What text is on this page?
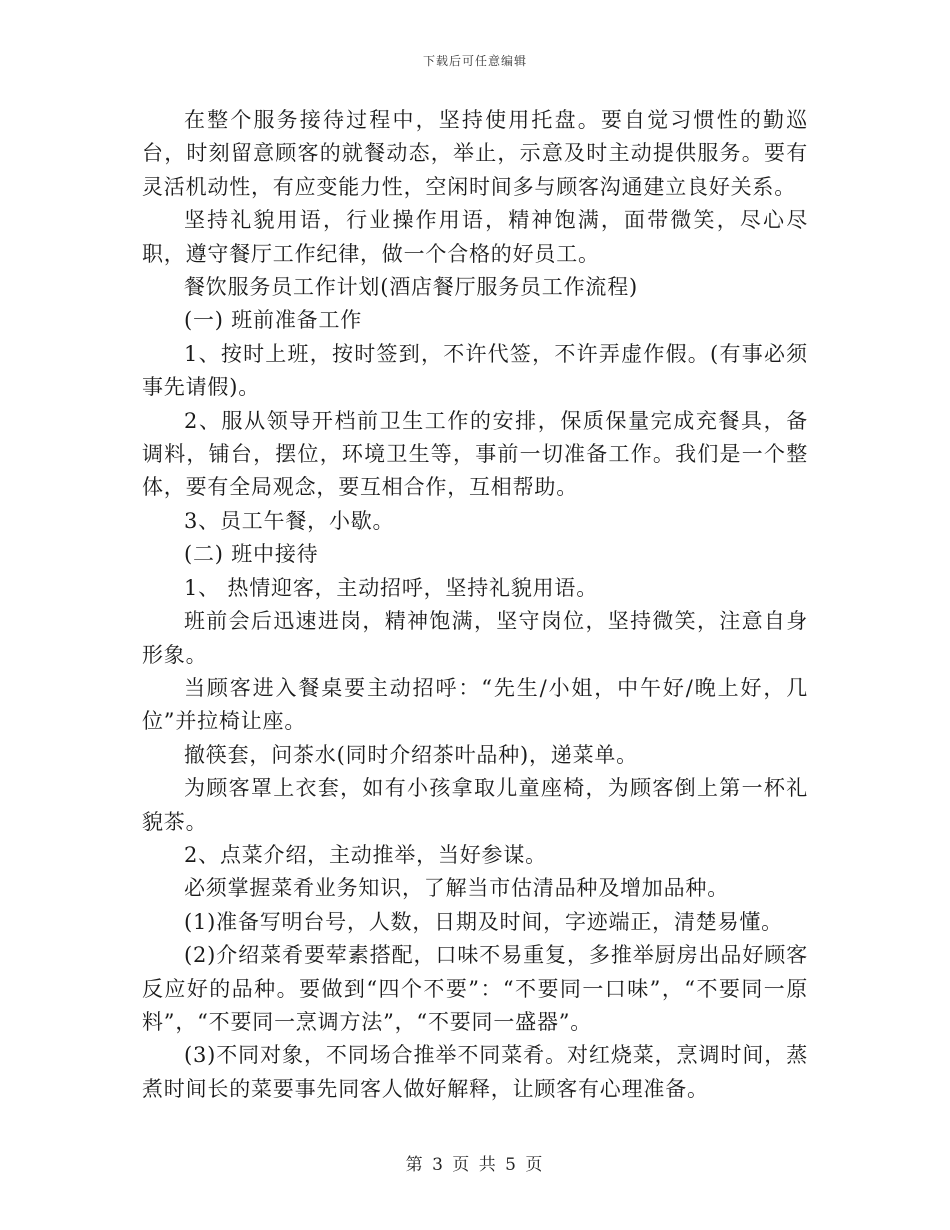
下载后可任意编辑

在整个服务接待过程中，坚持使用托盘。要自觉习惯性的勤巡台，时刻留意顾客的就餐动态，举止，示意及时主动提供服务。要有灵活机动性，有应变能力性，空闲时间多与顾客沟通建立良好关系。

坚持礼貌用语，行业操作用语，精神饱满，面带微笑，尽心尽职，遵守餐厅工作纪律，做一个合格的好员工。

餐饮服务员工作计划(酒店餐厅服务员工作流程)

(一) 班前准备工作

1、按时上班，按时签到，不许代签，不许弄虚作假。(有事必须事先请假)。

2、服从领导开档前卫生工作的安排，保质保量完成充餐具，备调料，铺台，摆位，环境卫生等，事前一切准备工作。我们是一个整体，要有全局观念，要互相合作，互相帮助。

3、员工午餐，小歇。

(二) 班中接待

1、 热情迎客，主动招呼，坚持礼貌用语。

班前会后迅速进岗，精神饱满，坚守岗位，坚持微笑，注意自身形象。

当顾客进入餐桌要主动招呼：“先生/小姐，中午好/晚上好，几位”并拉椅让座。

撤筷套，问茶水(同时介绍茶叶品种)，递菜单。

为顾客罩上衣套，如有小孩拿取儿童座椅，为顾客倒上第一杯礼貌茶。

2、点菜介绍，主动推举，当好参谋。

必须掌握菜肴业务知识，了解当市估清品种及增加品种。

(1)准备写明台号，人数，日期及时间，字迹端正，清楚易懂。

(2)介绍菜肴要荤素搭配，口味不易重复，多推举厨房出品好顾客反应好的品种。要做到“四个不要”：“不要同一口味”，“不要同一原料”，“不要同一烹调方法”，“不要同一盛器”。

(3)不同对象，不同场合推举不同菜肴。对红烧菜，烹调时间，蒸煮时间长的菜要事先同客人做好解释，让顾客有心理准备。

第 3 页 共 5 页
